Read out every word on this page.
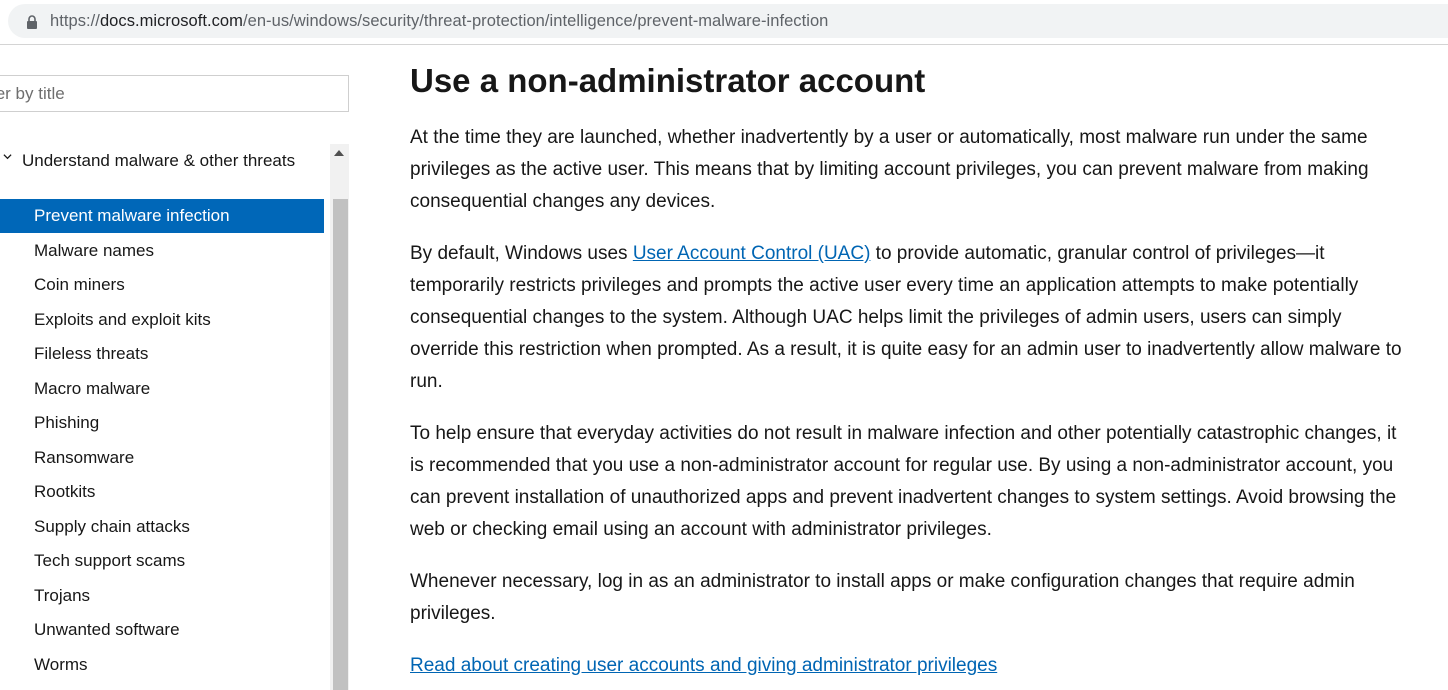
https://docs.microsoft.com/en-us/windows/security/threat-protection/intelligence/prevent-malware-infection
ter by title
Understand malware & other threats
Prevent malware infection
Malware names
Coin miners
Exploits and exploit kits
Fileless threats
Macro malware
Phishing
Ransomware
Rootkits
Supply chain attacks
Tech support scams
Trojans
Unwanted software
Worms
Use a non-administrator account

At the time they are launched, whether inadvertently by a user or automatically, most malware run under the same privileges as the active user. This means that by limiting account privileges, you can prevent malware from making consequential changes any devices.

By default, Windows uses User Account Control (UAC) to provide automatic, granular control of privileges—it temporarily restricts privileges and prompts the active user every time an application attempts to make potentially consequential changes to the system. Although UAC helps limit the privileges of admin users, users can simply override this restriction when prompted. As a result, it is quite easy for an admin user to inadvertently allow malware to run.

To help ensure that everyday activities do not result in malware infection and other potentially catastrophic changes, it is recommended that you use a non-administrator account for regular use. By using a non-administrator account, you can prevent installation of unauthorized apps and prevent inadvertent changes to system settings. Avoid browsing the web or checking email using an account with administrator privileges.

Whenever necessary, log in as an administrator to install apps or make configuration changes that require admin privileges.

Read about creating user accounts and giving administrator privileges
